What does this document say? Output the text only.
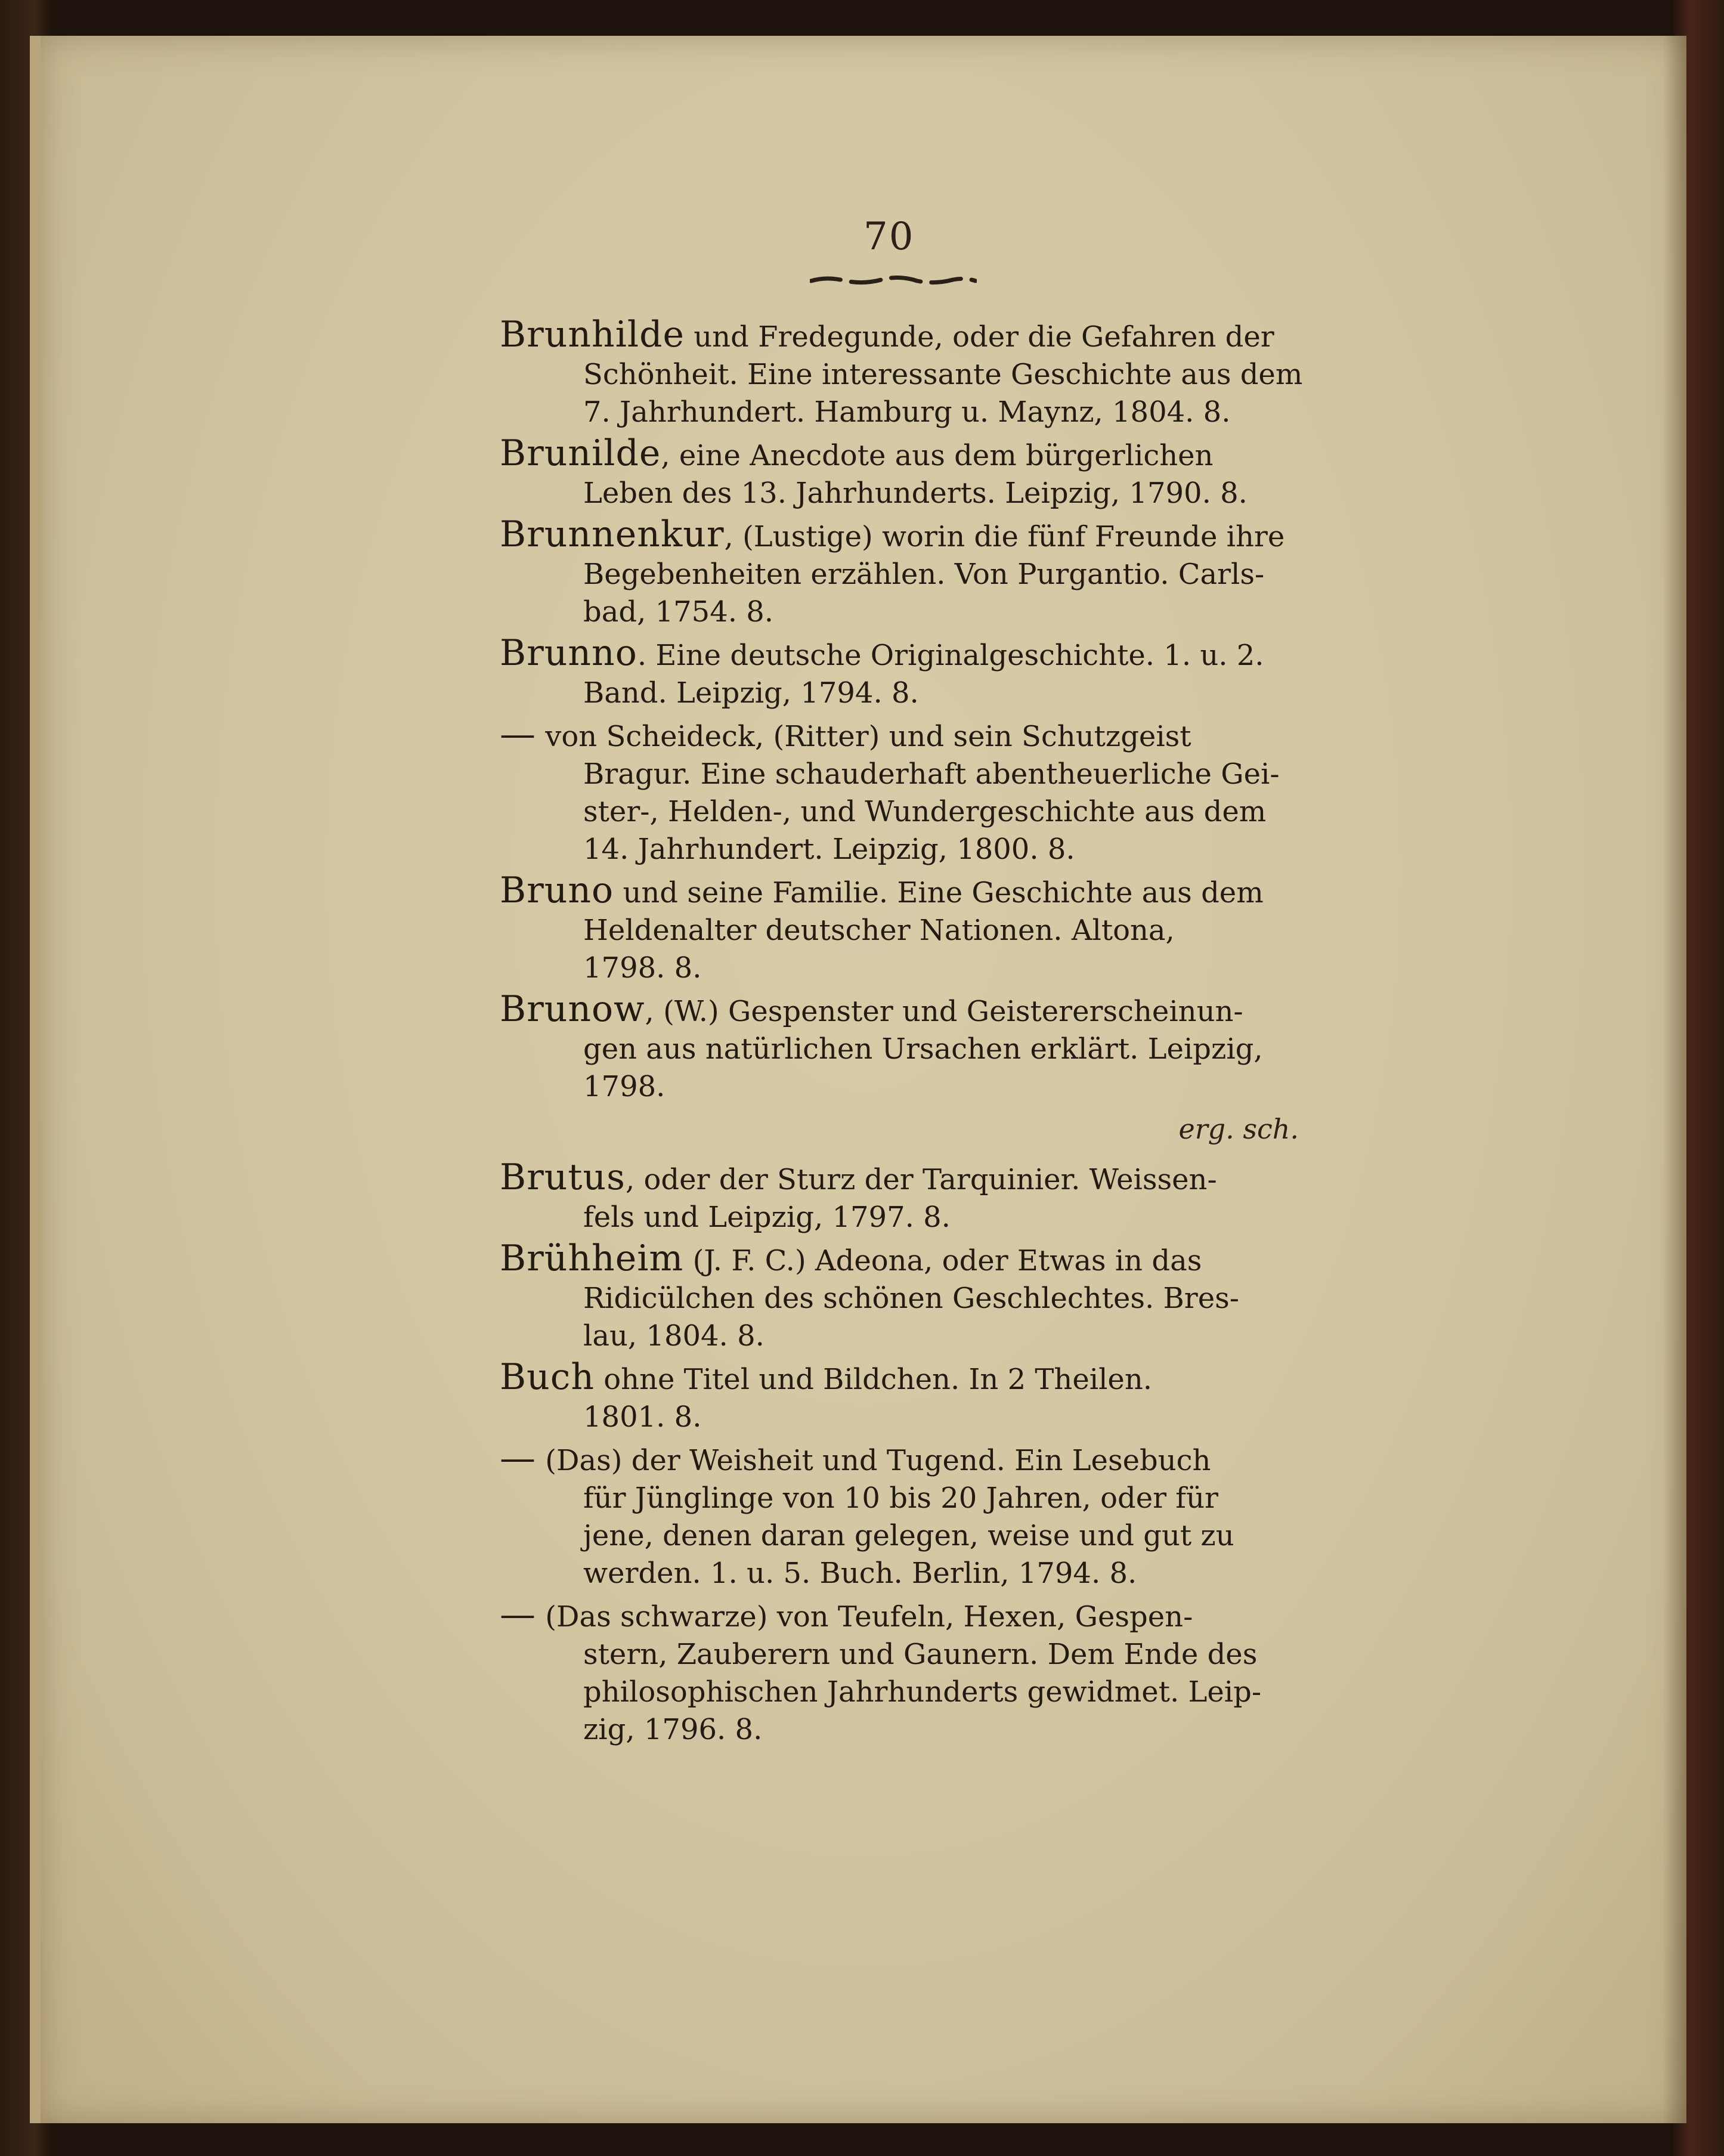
70
Brunhilde und Fredegunde, oder die Gefahren der
Schönheit. Eine interessante Geschichte aus dem
7. Jahrhundert. Hamburg u. Maynz, 1804. 8.
Brunilde, eine Anecdote aus dem bürgerlichen
Leben des 13. Jahrhunderts. Leipzig, 1790. 8.
Brunnenkur, (Lustige) worin die fünf Freunde ihre
Begebenheiten erzählen. Von Purgantio. Carls-
bad, 1754. 8.
Brunno. Eine deutsche Originalgeschichte. 1. u. 2.
Band. Leipzig, 1794. 8.
— von Scheideck, (Ritter) und sein Schutzgeist
Bragur. Eine schauderhaft abentheuerliche Gei-
ster-, Helden-, und Wundergeschichte aus dem
14. Jahrhundert. Leipzig, 1800. 8.
Bruno und seine Familie. Eine Geschichte aus dem
Heldenalter deutscher Nationen. Altona,
1798. 8.
Brunow, (W.) Gespenster und Geistererscheinun-
gen aus natürlichen Ursachen erklärt. Leipzig,
1798.
erg. sch.
Brutus, oder der Sturz der Tarquinier. Weissen-
fels und Leipzig, 1797. 8.
Brühheim (J. F. C.) Adeona, oder Etwas in das
Ridicülchen des schönen Geschlechtes. Bres-
lau, 1804. 8.
Buch ohne Titel und Bildchen. In 2 Theilen.
1801. 8.
— (Das) der Weisheit und Tugend. Ein Lesebuch
für Jünglinge von 10 bis 20 Jahren, oder für
jene, denen daran gelegen, weise und gut zu
werden. 1. u. 5. Buch. Berlin, 1794. 8.
— (Das schwarze) von Teufeln, Hexen, Gespen-
stern, Zauberern und Gaunern. Dem Ende des
philosophischen Jahrhunderts gewidmet. Leip-
zig, 1796. 8.
